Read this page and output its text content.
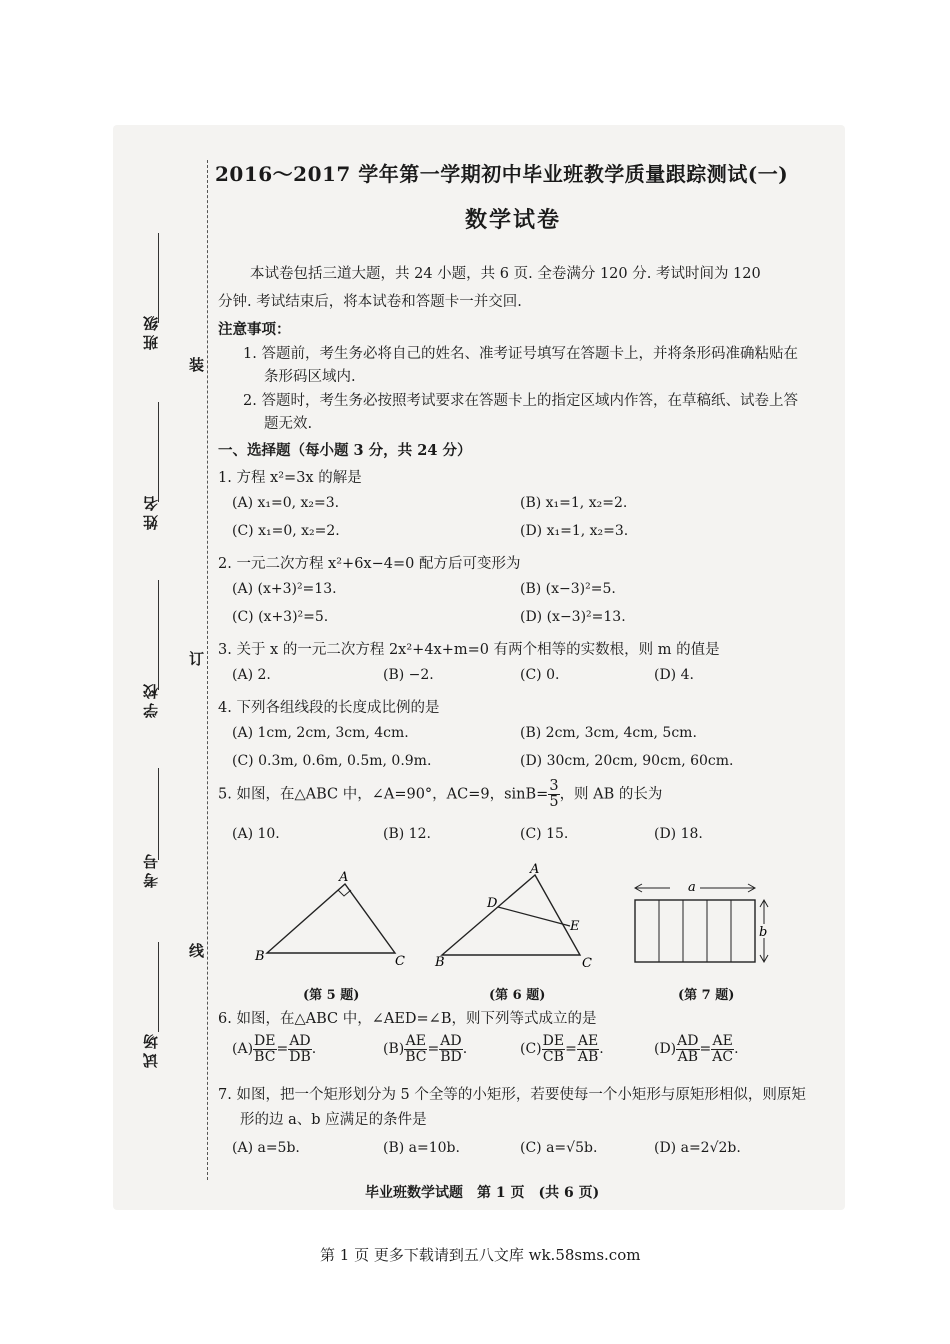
班级
姓名
学校
考号
试场
装
订
线
2016～2017 学年第一学期初中毕业班教学质量跟踪测试(一)
数学试卷
本试卷包括三道大题，共 24 小题，共 6 页. 全卷满分 120 分. 考试时间为 120
分钟. 考试结束后，将本试卷和答题卡一并交回.
注意事项：
1. 答题前，考生务必将自己的姓名、准考证号填写在答题卡上，并将条形码准确粘贴在
条形码区域内.
2. 答题时，考生务必按照考试要求在答题卡上的指定区域内作答，在草稿纸、试卷上答
题无效.
一、选择题（每小题 3 分，共 24 分）
1. 方程 x²=3x 的解是
(A) x₁=0, x₂=3.	(B) x₁=1, x₂=2.
(C) x₁=0, x₂=2.	(D) x₁=1, x₂=3.
2. 一元二次方程 x²+6x−4=0 配方后可变形为
(A) (x+3)²=13.	(B) (x−3)²=5.
(C) (x+3)²=5.	(D) (x−3)²=13.
3. 关于 x 的一元二次方程 2x²+4x+m=0 有两个相等的实数根，则 m 的值是
(A) 2.	(B) −2.	(C) 0.	(D) 4.
4. 下列各组线段的长度成比例的是
(A) 1cm, 2cm, 3cm, 4cm.	(B) 2cm, 3cm, 4cm, 5cm.
(C) 0.3m, 0.6m, 0.5m, 0.9m.	(D) 30cm, 20cm, 90cm, 60cm.
5. 如图，在△ABC 中，∠A=90°，AC=9，$\sin B= \frac{3}{5}$ ，则 AB 的长为
(A) 10.	(B) 12.	(C) 15.	(D) 18.
A
B	C
(第 5 题)
A
D
E
B	C
(第 6 题)
a
b
(第 7 题)
6. 如图，在△ABC 中，∠AED=∠B，则下列等式成立的是
$(A) \frac{DE}{BC} = \frac{AD}{DB}$ .	$(B) \frac{AE}{BC} = \frac{AD}{BD}$ .	$(C) \frac{DE}{CB} = \frac{AE}{AB}$ .	$(D) \frac{AD}{AB} = \frac{AE}{AC}$ .
7. 如图，把一个矩形划分为 5 个全等的小矩形，若要使每一个小矩形与原矩形相似，则原矩
形的边 a、b 应满足的条件是
(A) a=5b.	(B) a=10b.	(C) a=√5b.	(D) a=2√2b.
毕业班数学试题　第 1 页　(共 6 页)
第 1 页 更多下载请到五八文库 wk.58sms.com
